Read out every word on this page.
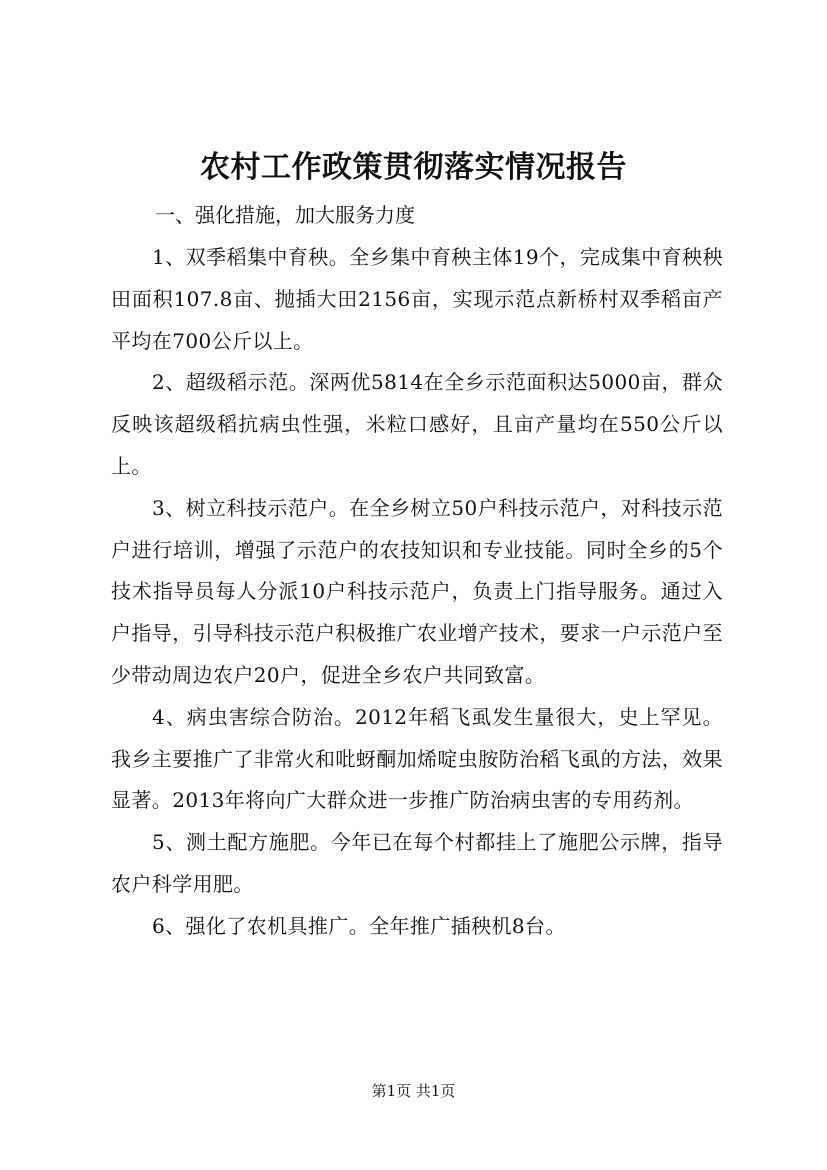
农村工作政策贯彻落实情况报告
一、强化措施，加大服务力度

1、双季稻集中育秧。全乡集中育秧主体19个，完成集中育秧秧田面积107.8亩、抛插大田2156亩，实现示范点新桥村双季稻亩产平均在700公斤以上。

2、超级稻示范。深两优5814在全乡示范面积达5000亩，群众反映该超级稻抗病虫性强，米粒口感好，且亩产量均在550公斤以上。

3、树立科技示范户。在全乡树立50户科技示范户，对科技示范户进行培训，增强了示范户的农技知识和专业技能。同时全乡的5个技术指导员每人分派10户科技示范户，负责上门指导服务。通过入户指导，引导科技示范户积极推广农业增产技术，要求一户示范户至少带动周边农户20户，促进全乡农户共同致富。

4、病虫害综合防治。2012年稻飞虱发生量很大，史上罕见。我乡主要推广了非常火和吡蚜酮加烯啶虫胺防治稻飞虱的方法，效果显著。2013年将向广大群众进一步推广防治病虫害的专用药剂。

5、测土配方施肥。今年已在每个村都挂上了施肥公示牌，指导农户科学用肥。

6、强化了农机具推广。全年推广插秧机8台。

第1页 共1页
